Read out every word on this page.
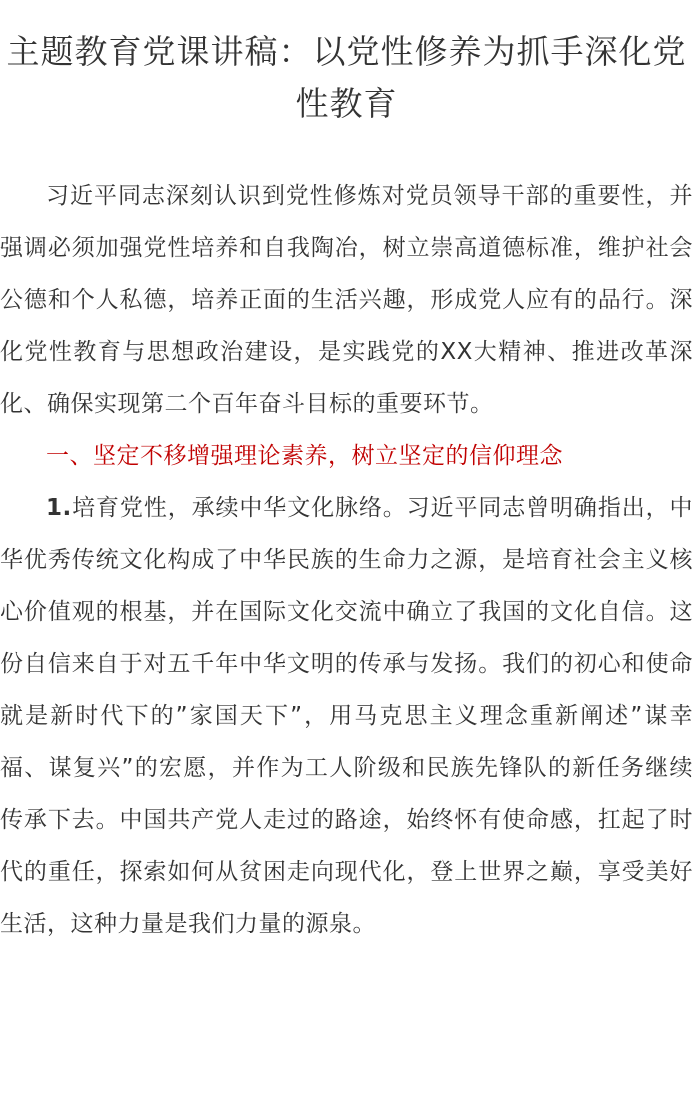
主题教育党课讲稿：以党性修养为抓手深化党性教育

习近平同志深刻认识到党性修炼对党员领导干部的重要性，并强调必须加强党性培养和自我陶冶，树立崇高道德标准，维护社会公德和个人私德，培养正面的生活兴趣，形成党人应有的品行。深化党性教育与思想政治建设，是实践党的XX大精神、推进改革深化、确保实现第二个百年奋斗目标的重要环节。

一、坚定不移增强理论素养，树立坚定的信仰理念

1.培育党性，承续中华文化脉络。习近平同志曾明确指出，中华优秀传统文化构成了中华民族的生命力之源，是培育社会主义核心价值观的根基，并在国际文化交流中确立了我国的文化自信。这份自信来自于对五千年中华文明的传承与发扬。我们的初心和使命就是新时代下的”家国天下”，用马克思主义理念重新阐述”谋幸福、谋复兴”的宏愿，并作为工人阶级和民族先锋队的新任务继续传承下去。中国共产党人走过的路途，始终怀有使命感，扛起了时代的重任，探索如何从贫困走向现代化，登上世界之巅，享受美好生活，这种力量是我们力量的源泉。
